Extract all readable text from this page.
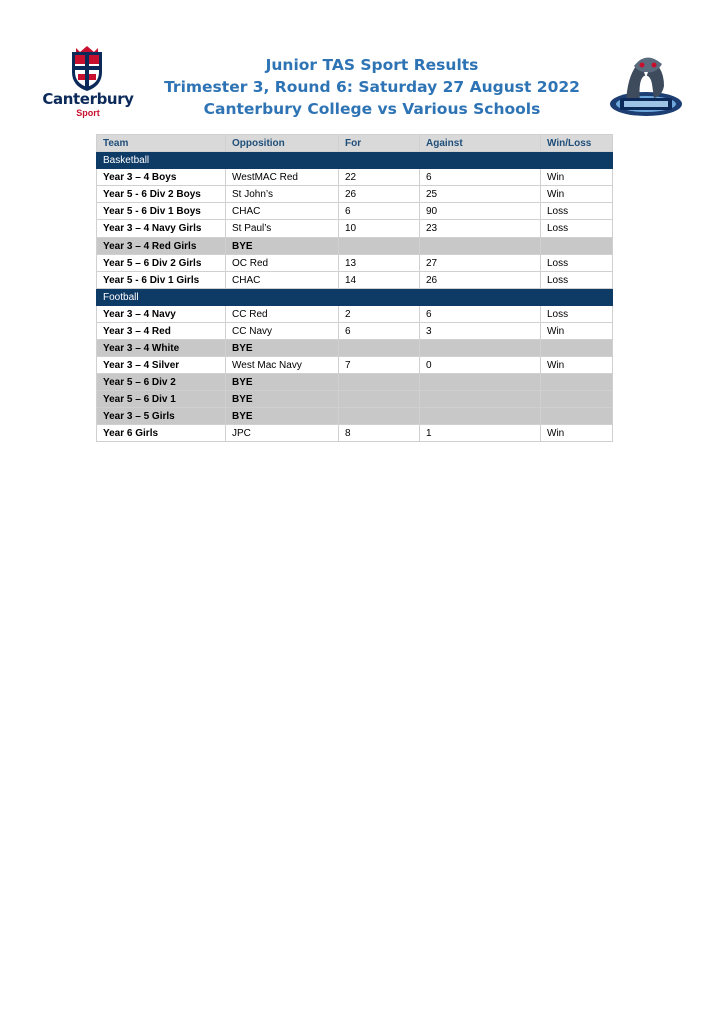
Canterbury
Sport
Junior TAS Sport Results
Trimester 3, Round 6: Saturday 27 August 2022
Canterbury College vs Various Schools
Team	Opposition	For	Against	Win/Loss
Basketball				
Year 3 – 4 Boys	WestMAC Red	22	6	Win
Year 5 - 6 Div 2 Boys	St John’s	26	25	Win
Year 5 - 6 Div 1 Boys	CHAC	6	90	Loss
Year 3 – 4 Navy Girls	St Paul’s	10	23	Loss
Year 3 – 4 Red Girls	BYE			
Year 5 – 6 Div 2 Girls	OC Red	13	27	Loss
Year 5 - 6 Div 1 Girls	CHAC	14	26	Loss
Football				
Year 3 – 4 Navy	CC Red	2	6	Loss
Year 3 – 4 Red	CC Navy	6	3	Win
Year 3 – 4 White	BYE			
Year 3 – 4 Silver	West Mac Navy	7	0	Win
Year 5 – 6 Div 2	BYE			
Year 5 – 6 Div 1	BYE			
Year 3 – 5 Girls	BYE			
Year 6 Girls	JPC	8	1	Win
